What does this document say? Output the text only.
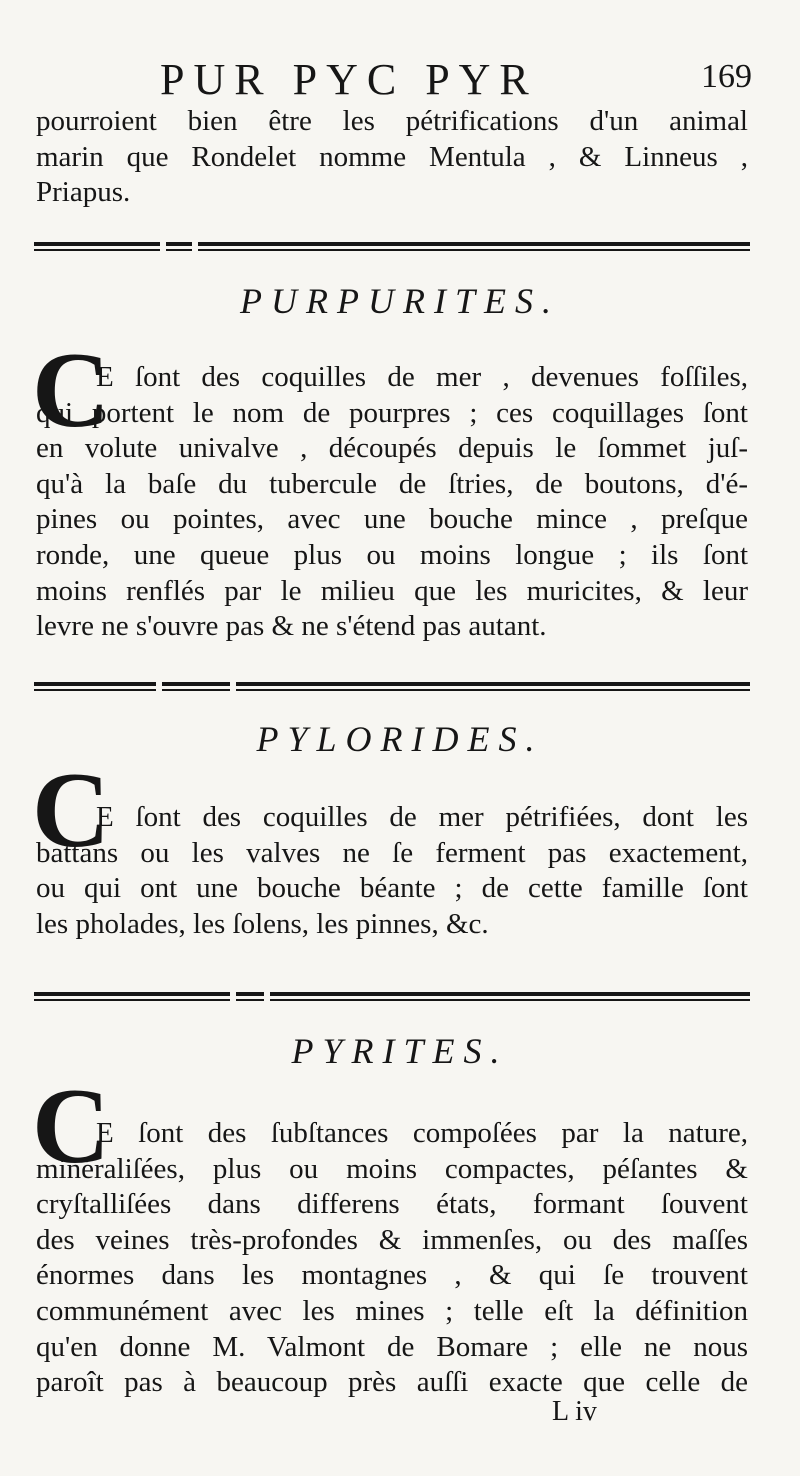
PUR PYC PYR	169
pourroient bien être les pétrifications d'un animal
marin que Rondelet nomme Mentula , & Linneus ,
Priapus.
PURPURITES.
C
E ſont des coquilles de mer , devenues foſſiles,
qui portent le nom de pourpres ; ces coquillages ſont
en volute univalve , découpés depuis le ſommet juſ-
qu'à la baſe du tubercule de ſtries, de boutons, d'é-
pines ou pointes, avec une bouche mince , preſque
ronde, une queue plus ou moins longue ; ils ſont
moins renflés par le milieu que les muricites, & leur
levre ne s'ouvre pas & ne s'étend pas autant.
PYLORIDES.
C
E ſont des coquilles de mer pétrifiées, dont les
battans ou les valves ne ſe ferment pas exactement,
ou qui ont une bouche béante ; de cette famille ſont
les pholades, les ſolens, les pinnes, &c.
PYRITES.
C
E ſont des ſubſtances compoſées par la nature,
minéraliſées, plus ou moins compactes, péſantes &
cryſtalliſées dans differens états, formant ſouvent
des veines très-profondes & immenſes, ou des maſſes
énormes dans les montagnes , & qui ſe trouvent
communément avec les mines ; telle eſt la définition
qu'en donne M. Valmont de Bomare ; elle ne nous
paroît pas à beaucoup près auſſi exacte que celle de
L iv
